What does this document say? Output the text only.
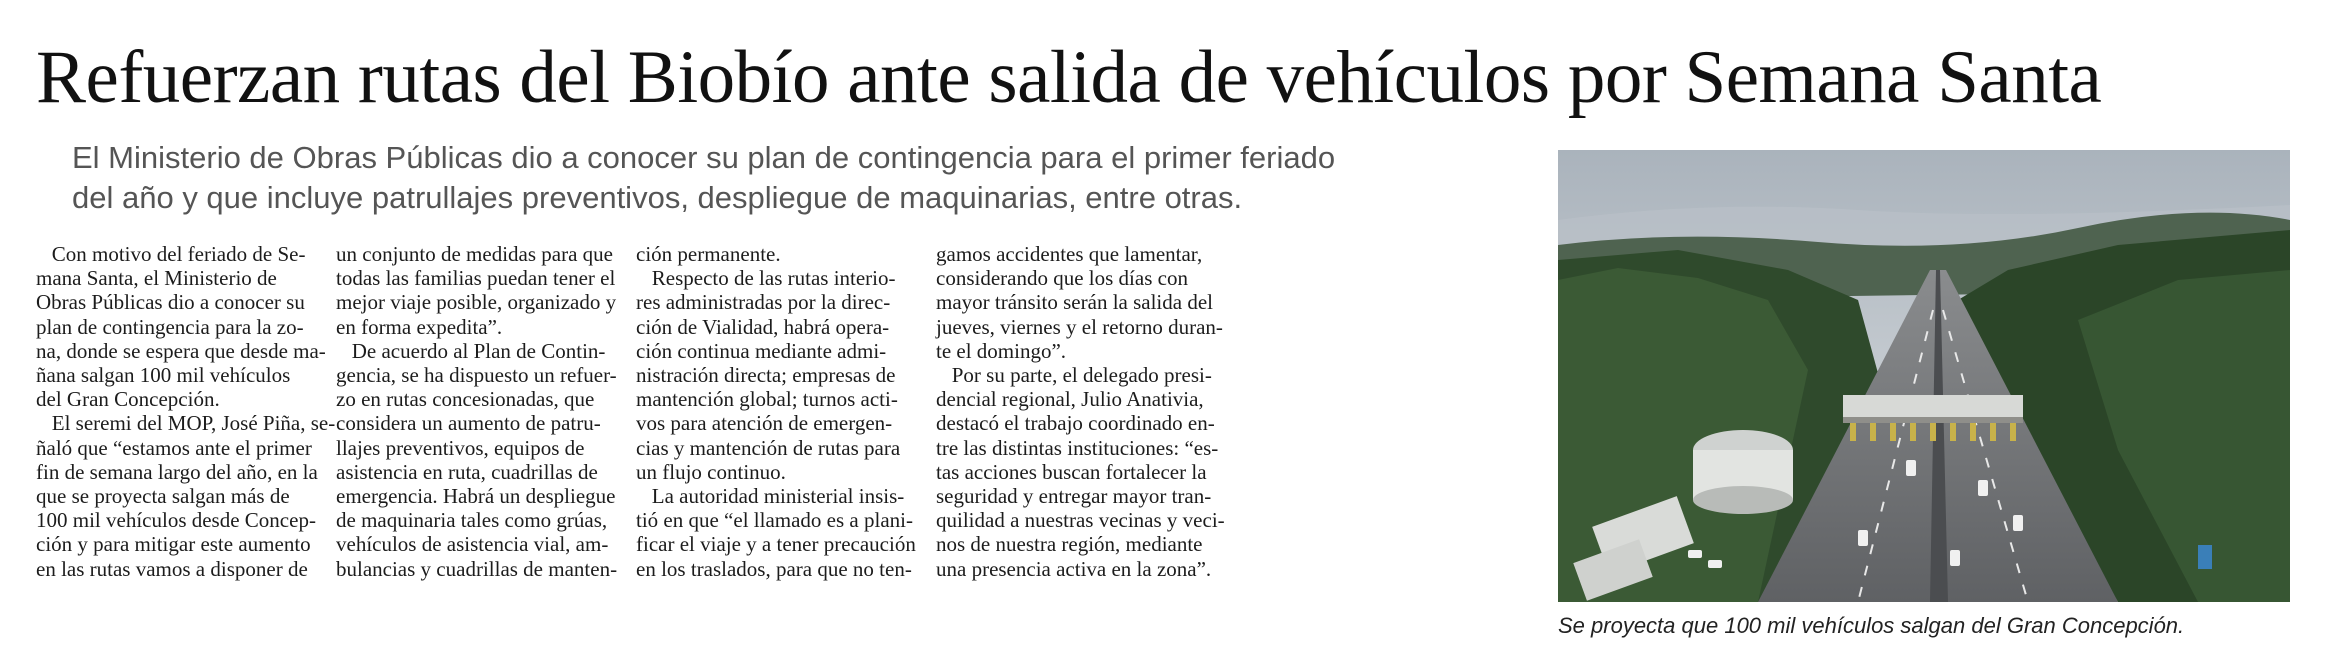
Refuerzan rutas del Biobío ante salida de vehículos por Semana Santa
El Ministerio de Obras Públicas dio a conocer su plan de contingencia para el primer feriado
del año y que incluye patrullajes preventivos, despliegue de maquinarias, entre otras.
Con motivo del feriado de Se-
mana Santa, el Ministerio de
Obras Públicas dio a conocer su
plan de contingencia para la zo-
na, donde se espera que desde ma-
ñana salgan 100 mil vehículos
del Gran Concepción.
El seremi del MOP, José Piña, se-
ñaló que “estamos ante el primer
fin de semana largo del año, en la
que se proyecta salgan más de
100 mil vehículos desde Concep-
ción y para mitigar este aumento
en las rutas vamos a disponer de
un conjunto de medidas para que
todas las familias puedan tener el
mejor viaje posible, organizado y
en forma expedita”.
De acuerdo al Plan de Contin-
gencia, se ha dispuesto un refuer-
zo en rutas concesionadas, que
considera un aumento de patru-
llajes preventivos, equipos de
asistencia en ruta, cuadrillas de
emergencia. Habrá un despliegue
de maquinaria tales como grúas,
vehículos de asistencia vial, am-
bulancias y cuadrillas de manten-
ción permanente.
Respecto de las rutas interio-
res administradas por la direc-
ción de Vialidad, habrá opera-
ción continua mediante admi-
nistración directa; empresas de
mantención global; turnos acti-
vos para atención de emergen-
cias y mantención de rutas para
un flujo continuo.
La autoridad ministerial insis-
tió en que “el llamado es a plani-
ficar el viaje y a tener precaución
en los traslados, para que no ten-
gamos accidentes que lamentar,
considerando que los días con
mayor tránsito serán la salida del
jueves, viernes y el retorno duran-
te el domingo”.
Por su parte, el delegado presi-
dencial regional, Julio Anativia,
destacó el trabajo coordinado en-
tre las distintas instituciones: “es-
tas acciones buscan fortalecer la
seguridad y entregar mayor tran-
quilidad a nuestras vecinas y veci-
nos de nuestra región, mediante
una presencia activa en la zona”.

Se proyecta que 100 mil vehículos salgan del Gran Concepción.
